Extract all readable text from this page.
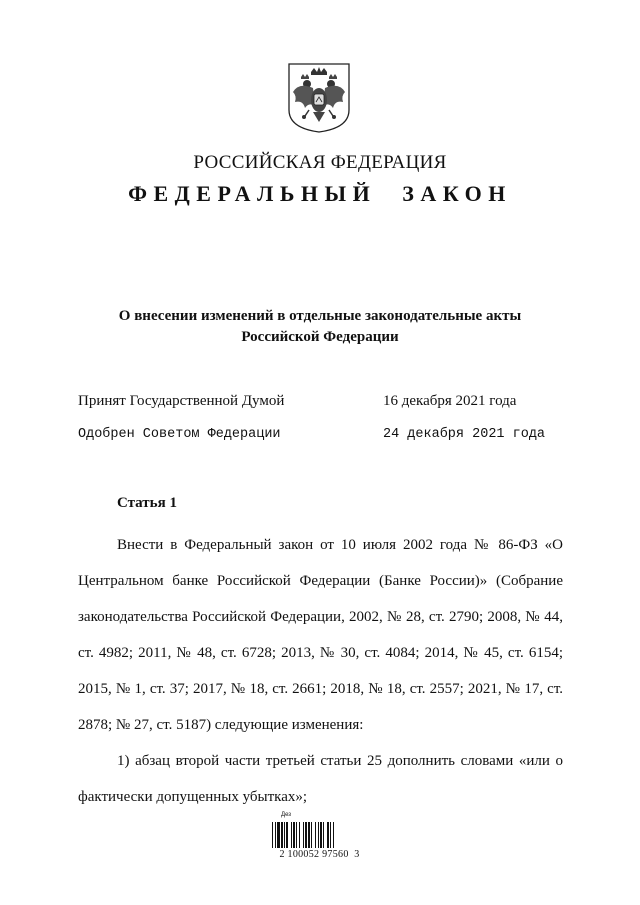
РОССИЙСКАЯ ФЕДЕРАЦИЯ
ФЕДЕРАЛЬНЫЙ ЗАКОН
О внесении изменений в отдельные законодательные акты
Российской Федерации
Принят Государственной Думой	16 декабря 2021 года
Одобрен Советом Федерации	24 декабря 2021 года
Статья 1

Внести в Федеральный закон от 10 июля 2002 года № 86-ФЗ «О Центральном банке Российской Федерации (Банке России)» (Собрание законодательства Российской Федерации, 2002, № 28, ст. 2790; 2008, № 44, ст. 4982; 2011, № 48, ст. 6728; 2013, № 30, ст. 4084; 2014, № 45, ст. 6154; 2015, № 1, ст. 37; 2017, № 18, ст. 2661; 2018, № 18, ст. 2557; 2021, № 17, ст. 2878; № 27, ст. 5187) следующие изменения:

1) абзац второй части третьей статьи 25 дополнить словами «или о фактически допущенных убытках»;

Дез
2 100052 97560  3
